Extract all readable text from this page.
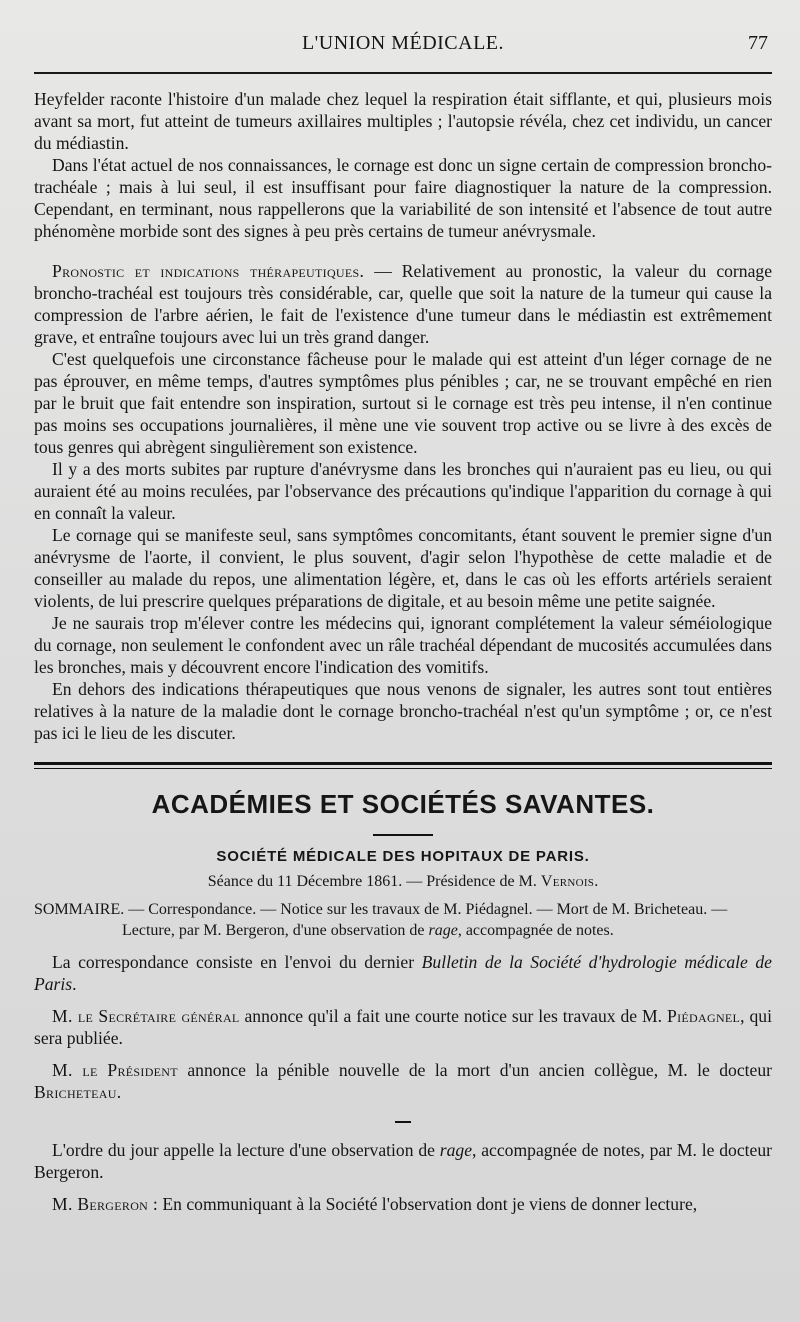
L'UNION MÉDICALE.	77

Heyfelder raconte l'histoire d'un malade chez lequel la respiration était sifflante, et qui, plusieurs mois avant sa mort, fut atteint de tumeurs axillaires multiples ; l'autopsie révéla, chez cet individu, un cancer du médiastin.

Dans l'état actuel de nos connaissances, le cornage est donc un signe certain de compression broncho-trachéale ; mais à lui seul, il est insuffisant pour faire diagnostiquer la nature de la compression. Cependant, en terminant, nous rappellerons que la variabilité de son intensité et l'absence de tout autre phénomène morbide sont des signes à peu près certains de tumeur anévrysmale.

Pronostic et indications thérapeutiques. — Relativement au pronostic, la valeur du cornage broncho-trachéal est toujours très considérable, car, quelle que soit la nature de la tumeur qui cause la compression de l'arbre aérien, le fait de l'existence d'une tumeur dans le médiastin est extrêmement grave, et entraîne toujours avec lui un très grand danger.

C'est quelquefois une circonstance fâcheuse pour le malade qui est atteint d'un léger cornage de ne pas éprouver, en même temps, d'autres symptômes plus pénibles ; car, ne se trouvant empêché en rien par le bruit que fait entendre son inspiration, surtout si le cornage est très peu intense, il n'en continue pas moins ses occupations journalières, il mène une vie souvent trop active ou se livre à des excès de tous genres qui abrègent singulièrement son existence.

Il y a des morts subites par rupture d'anévrysme dans les bronches qui n'auraient pas eu lieu, ou qui auraient été au moins reculées, par l'observance des précautions qu'indique l'apparition du cornage à qui en connaît la valeur.

Le cornage qui se manifeste seul, sans symptômes concomitants, étant souvent le premier signe d'un anévrysme de l'aorte, il convient, le plus souvent, d'agir selon l'hypothèse de cette maladie et de conseiller au malade du repos, une alimentation légère, et, dans le cas où les efforts artériels seraient violents, de lui prescrire quelques préparations de digitale, et au besoin même une petite saignée.

Je ne saurais trop m'élever contre les médecins qui, ignorant complétement la valeur séméiologique du cornage, non seulement le confondent avec un râle trachéal dépendant de mucosités accumulées dans les bronches, mais y découvrent encore l'indication des vomitifs.

En dehors des indications thérapeutiques que nous venons de signaler, les autres sont tout entières relatives à la nature de la maladie dont le cornage broncho-trachéal n'est qu'un symptôme ; or, ce n'est pas ici le lieu de les discuter.

ACADÉMIES ET SOCIÉTÉS SAVANTES.
SOCIÉTÉ MÉDICALE DES HOPITAUX DE PARIS.
Séance du 11 Décembre 1861. — Présidence de M. Vernois.
SOMMAIRE. — Correspondance. — Notice sur les travaux de M. Piédagnel. — Mort de M. Bricheteau. —
Lecture, par M. Bergeron, d'une observation de rage, accompagnée de notes.

La correspondance consiste en l'envoi du dernier Bulletin de la Société d'hydrologie médicale de Paris.

M. le Secrétaire général annonce qu'il a fait une courte notice sur les travaux de M. Piédagnel, qui sera publiée.

M. le Président annonce la pénible nouvelle de la mort d'un ancien collègue, M. le docteur Bricheteau.

L'ordre du jour appelle la lecture d'une observation de rage, accompagnée de notes, par M. le docteur Bergeron.

M. Bergeron : En communiquant à la Société l'observation dont je viens de donner lecture,
